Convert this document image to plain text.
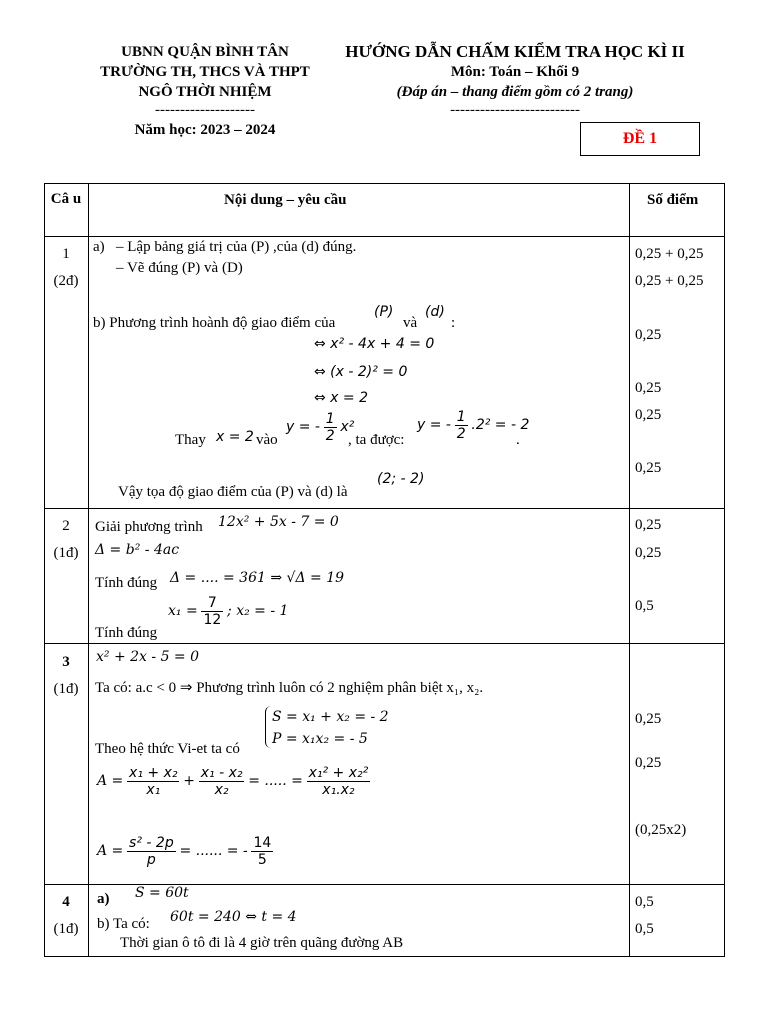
UBNN QUẬN BÌNH TÂN
TRƯỜNG TH, THCS VÀ THPT
NGÔ THỜI NHIỆM
--------------------
Năm học: 2023 – 2024
HƯỚNG DẪN CHẤM KIỂM TRA HỌC KÌ II
Môn: Toán – Khối 9
(Đáp án – thang điểm gồm có 2 trang)
--------------------------
ĐỀ 1
Câ u	Nội dung – yêu cầu	Số điểm
1
(2đ)
a) – Lập bảng giá trị của (P) ,của (d) đúng.
– Vẽ đúng (P) và (D)
b) Phương trình hoành độ giao điểm của
(P)
và
(d)
:
⇔ x² - 4x + 4 = 0
⇔ (x - 2)² = 0
⇔ x = 2
Thay x = 2 vào
y = - $\frac{1}{2} x^2$
, ta được:
y = - $\frac{1}{2} .2^2$ = - 2
.
Vậy tọa độ giao điểm của (P) và (d) là
(2; - 2)
0,25 + 0,25
0,25 + 0,25
0,25
0,25
0,25
0,25
2
(1đ)
Giải phương trình 12x² + 5x - 7 = 0
Δ = b² - 4ac
Tính đúng Δ = .... = 361 ⇒ √Δ = 19
$x_1 = \frac{7}{12}$ ; x₂ = - 1
Tính đúng
0,25
0,25
0,5
3
(1đ)
x² + 2x - 5 = 0
Ta có: a.c < 0 ⇒ Phương trình luôn có 2 nghiệm phân biệt x₁, x₂.
S = x₁ + x₂ = - 2
P = x₁x₂ = - 5
Theo hệ thức Vi-et ta có
$A = \frac{\text{x₁ + x₂}}{\text{x₁}} + \frac{\text{x₁ - x₂}}{\text{x₂}}$ = ..... = $\frac{\text{x₁² + x₂²}}{\text{x₁.x₂}}$
$A = \frac{\text{s² - 2p}}{p}$ = ...... = - $\frac{14}{5}$
0,25
0,25
(0,25x2)
4
(1đ)
a) S = 60t
b) Ta có: 60t = 240 ⇔ t = 4
Thời gian ô tô đi là 4 giờ trên quãng đường AB
0,5
0,5
